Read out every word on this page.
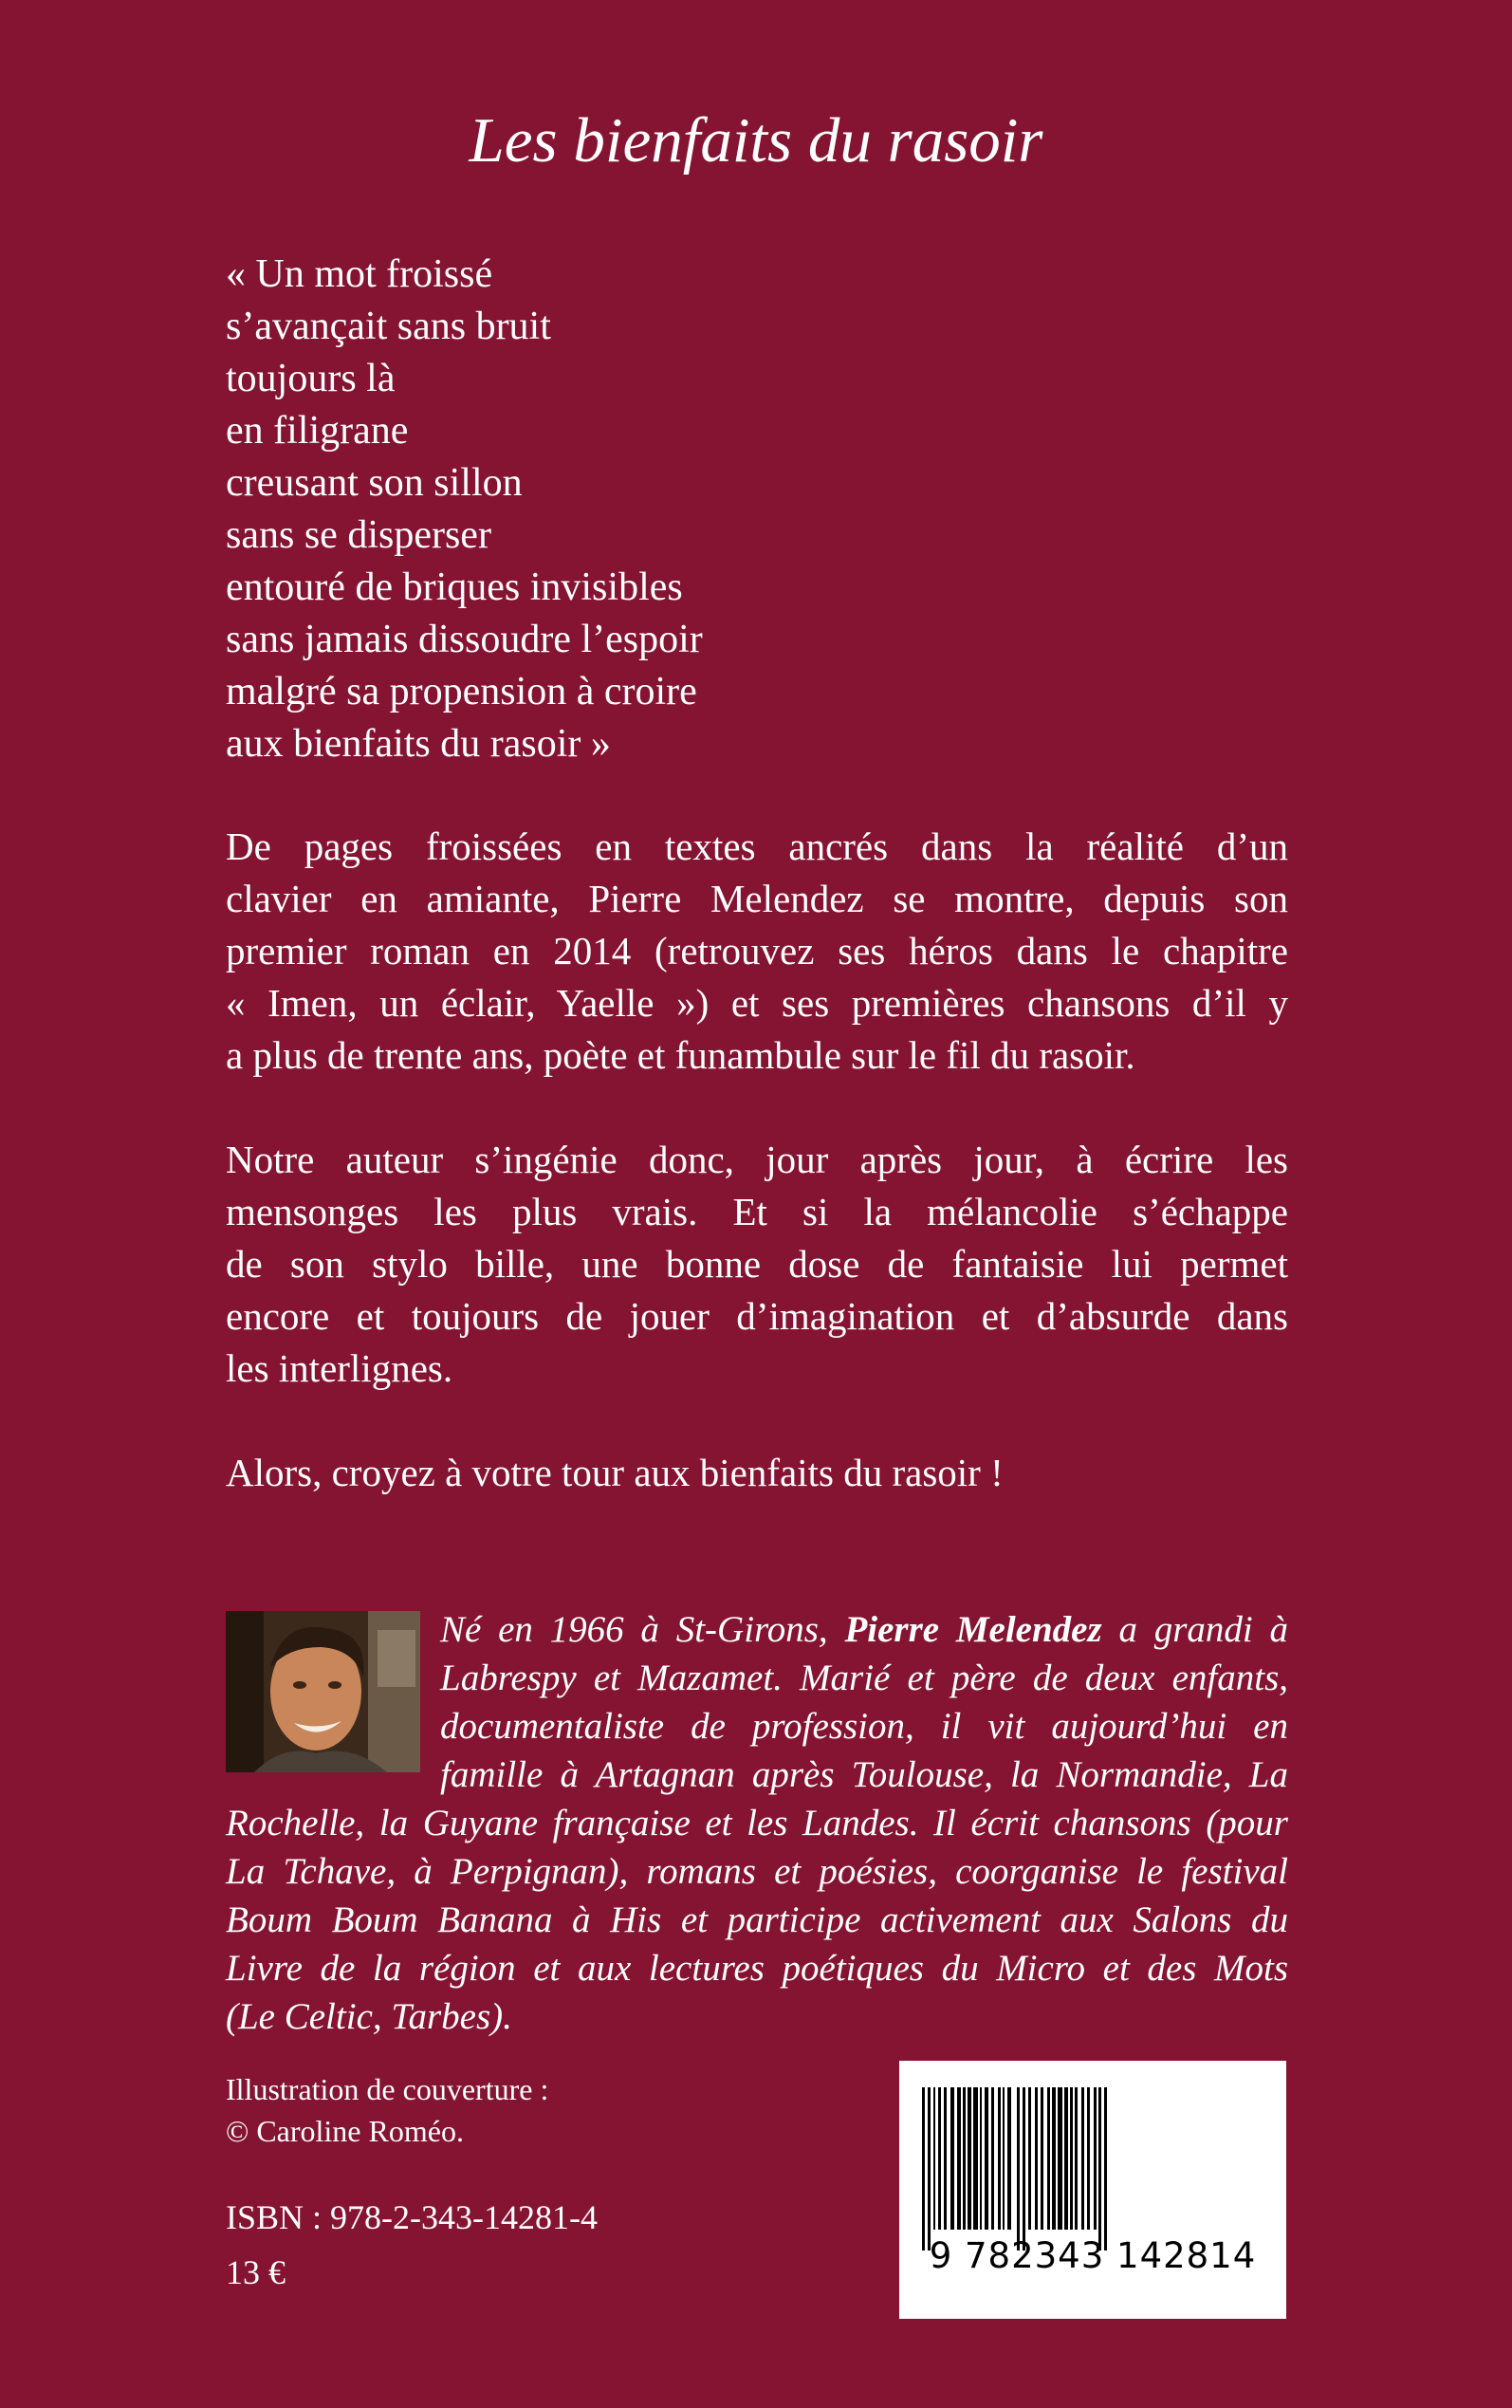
Les bienfaits du rasoir
« Un mot froissé
s’avançait sans bruit
toujours là
en filigrane
creusant son sillon
sans se disperser
entouré de briques invisibles
sans jamais dissoudre l’espoir
malgré sa propension à croire
aux bienfaits du rasoir »
De pages froissées en textes ancrés dans la réalité d’un
clavier en amiante, Pierre Melendez se montre, depuis son
premier roman en 2014 (retrouvez ses héros dans le chapitre
« Imen, un éclair, Yaelle ») et ses premières chansons d’il y
a plus de trente ans, poète et funambule sur le fil du rasoir.
Notre auteur s’ingénie donc, jour après jour, à écrire les
mensonges les plus vrais. Et si la mélancolie s’échappe
de son stylo bille, une bonne dose de fantaisie lui permet
encore et toujours de jouer d’imagination et d’absurde dans
les interlignes.
Alors, croyez à votre tour aux bienfaits du rasoir !
Né en 1966 à St-Girons, Pierre Melendez a grandi à
Labrespy et Mazamet. Marié et père de deux enfants,
documentaliste de profession, il vit aujourd’hui en
famille à Artagnan après Toulouse, la Normandie, La
Rochelle, la Guyane française et les Landes. Il écrit chansons (pour
La Tchave, à Perpignan), romans et poésies, coorganise le festival
Boum Boum Banana à His et participe activement aux Salons du
Livre de la région et aux lectures poétiques du Micro et des Mots
(Le Celtic, Tarbes).
Illustration de couverture :
© Caroline Roméo.
ISBN : 978-2-343-14281-4
13 €	9 782343 142814
